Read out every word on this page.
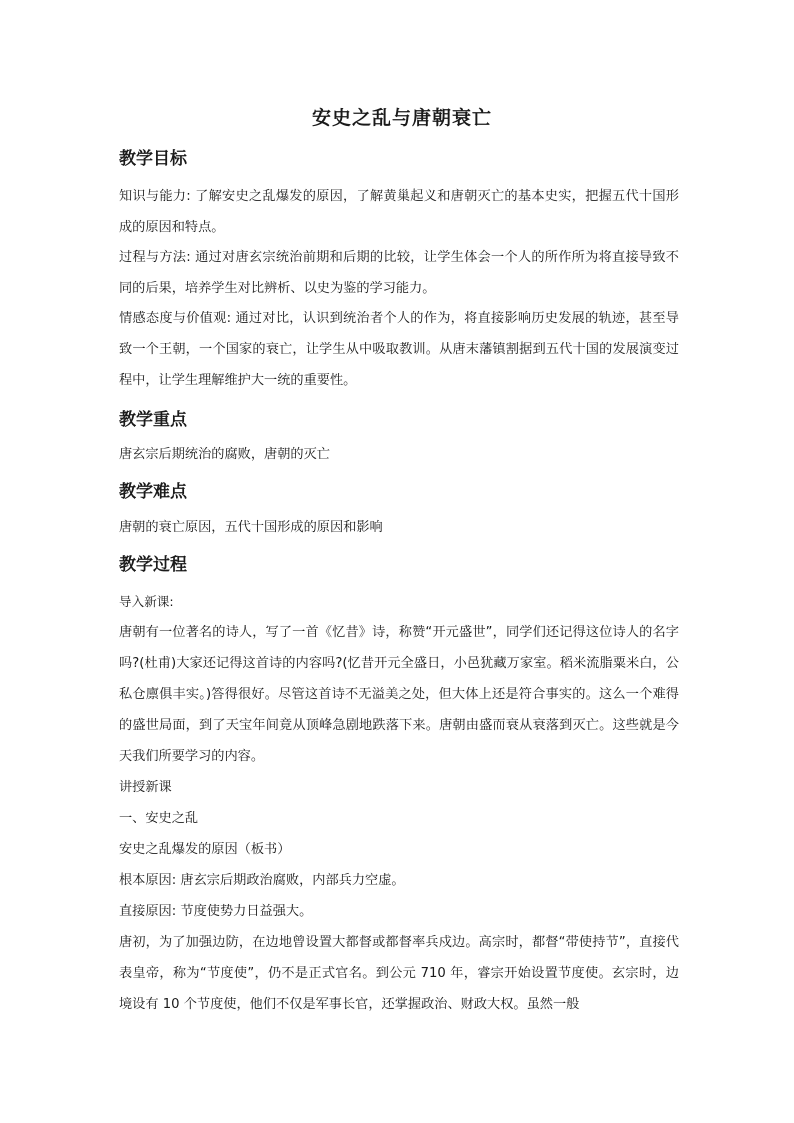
安史之乱与唐朝衰亡
教学目标

知识与能力: 了解安史之乱爆发的原因，了解黄巢起义和唐朝灭亡的基本史实，把握五代十国形成的原因和特点。

过程与方法: 通过对唐玄宗统治前期和后期的比较，让学生体会一个人的所作所为将直接导致不同的后果，培养学生对比辨析、以史为鉴的学习能力。

情感态度与价值观: 通过对比，认识到统治者个人的作为，将直接影响历史发展的轨迹，甚至导致一个王朝，一个国家的衰亡，让学生从中吸取教训。从唐末藩镇割据到五代十国的发展演变过程中，让学生理解维护大一统的重要性。

教学重点

唐玄宗后期统治的腐败，唐朝的灭亡

教学难点

唐朝的衰亡原因，五代十国形成的原因和影响

教学过程

导入新课:

唐朝有一位著名的诗人，写了一首《忆昔》诗，称赞“开元盛世”，同学们还记得这位诗人的名字吗?(杜甫)大家还记得这首诗的内容吗?(忆昔开元全盛日，小邑犹藏万家室。稻米流脂粟米白，公私仓廪俱丰实。)答得很好。尽管这首诗不无溢美之处，但大体上还是符合事实的。这么一个难得的盛世局面，到了天宝年间竟从顶峰急剧地跌落下来。唐朝由盛而衰从衰落到灭亡。这些就是今天我们所要学习的内容。

讲授新课

一、安史之乱

安史之乱爆发的原因（板书）

根本原因: 唐玄宗后期政治腐败，内部兵力空虚。

直接原因: 节度使势力日益强大。

唐初，为了加强边防，在边地曾设置大都督或都督率兵戍边。高宗时，都督“带使持节”，直接代表皇帝，称为“节度使”，仍不是正式官名。到公元 710 年，睿宗开始设置节度使。玄宗时，边境设有 10 个节度使，他们不仅是军事长官，还掌握政治、财政大权。虽然一般
